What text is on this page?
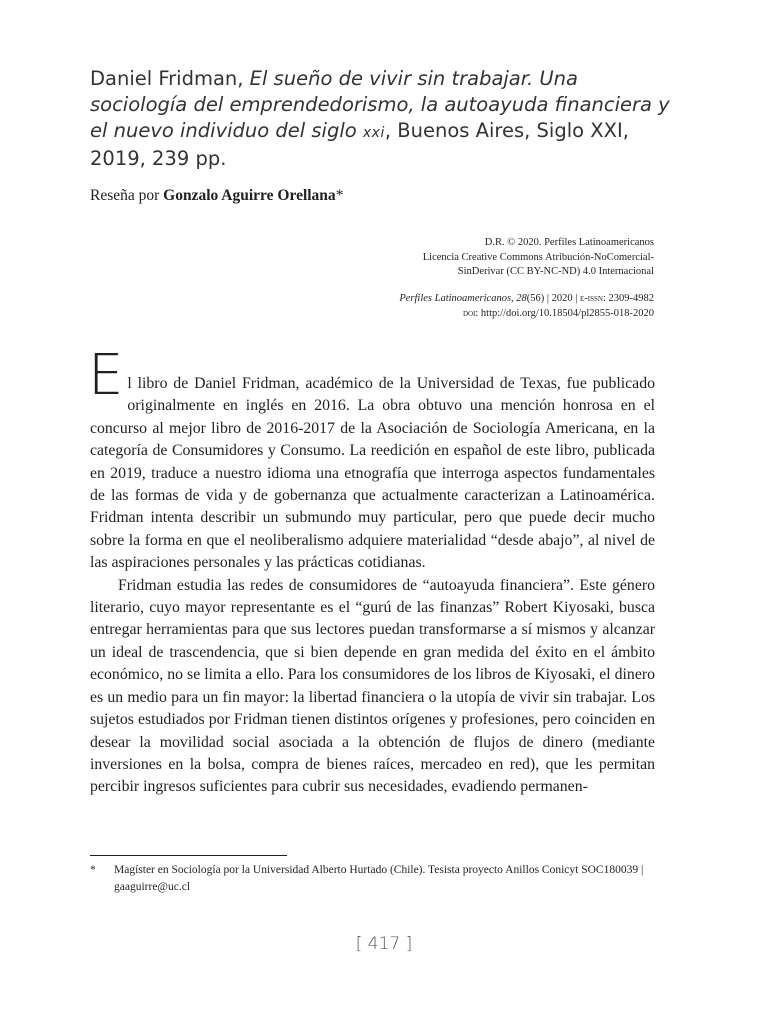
Daniel Fridman, El sueño de vivir sin trabajar. Una sociología del emprendedorismo, la autoayuda financiera y el nuevo individuo del siglo xxi, Buenos Aires, Siglo XXI, 2019, 239 pp.
Reseña por Gonzalo Aguirre Orellana*
D.R. © 2020. Perfiles Latinoamericanos
Licencia Creative Commons Atribución-NoComercial-
SinDerivar (CC BY-NC-ND) 4.0 Internacional
Perfiles Latinoamericanos, 28(56) | 2020 | e-issn: 2309-4982
doi: http://doi.org/10.18504/pl2855-018-2020

El libro de Daniel Fridman, académico de la Universidad de Texas, fue publicado originalmente en inglés en 2016. La obra obtuvo una mención honrosa en el concurso al mejor libro de 2016-2017 de la Asociación de Sociología Americana, en la categoría de Consumidores y Consumo. La reedición en español de este libro, publicada en 2019, traduce a nuestro idioma una etnografía que interroga aspectos fundamentales de las formas de vida y de gobernanza que actualmente caracterizan a Latinoamérica. Fridman intenta describir un submundo muy particular, pero que puede decir mucho sobre la forma en que el neoliberalismo adquiere materialidad “desde abajo”, al nivel de las aspiraciones personales y las prácticas cotidianas.

Fridman estudia las redes de consumidores de “autoayuda financiera”. Este género literario, cuyo mayor representante es el “gurú de las finanzas” Robert Kiyosaki, busca entregar herramientas para que sus lectores puedan transformarse a sí mismos y alcanzar un ideal de trascendencia, que si bien depende en gran medida del éxito en el ámbito económico, no se limita a ello. Para los consumidores de los libros de Kiyosaki, el dinero es un medio para un fin mayor: la libertad financiera o la utopía de vivir sin trabajar. Los sujetos estudiados por Fridman tienen distintos orígenes y profesiones, pero coinciden en desear la movilidad social asociada a la obtención de flujos de dinero (mediante inversiones en la bolsa, compra de bienes raíces, mercadeo en red), que les permitan percibir ingresos suficientes para cubrir sus necesidades, evadiendo permanen-

* Magíster en Sociología por la Universidad Alberto Hurtado (Chile). Tesista proyecto Anillos Conicyt SOC180039 | gaaguirre@uc.cl
[ 417 ]
